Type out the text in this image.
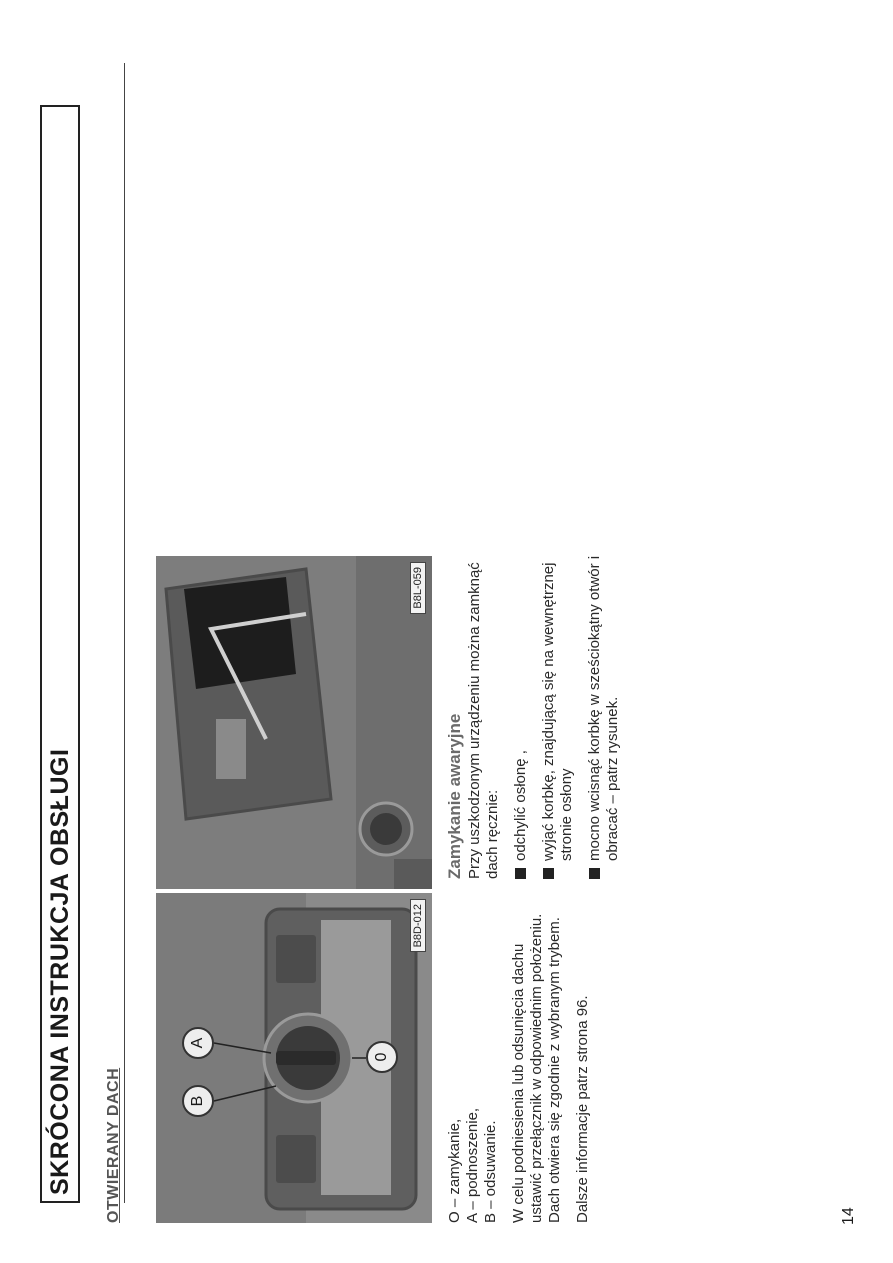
SKRÓCONA INSTRUKCJA OBSŁUGI	OTWIERANY DACH	B
A
0
B8D-012
B8L-059

O – zamykanie, A – podnoszenie, B – odsuwanie. W celu podniesienia lub odsunięcia dachu ustawić przełącznik w odpowiednim położeniu. Dach otwiera się zgodnie z wybranym trybem. Dalsze informacje patrz strona 96.

Zamykanie awaryjne Przy uszkodzonym urządzeniu można zamknąć dach ręcznie: odchylić osłonę , wyjąć korbkę, znajdującą się na wewnętrznej stronie osłony mocno wcisnąć korbkę w sześciokątny otwór i obracać – patrz rysunek.
14
